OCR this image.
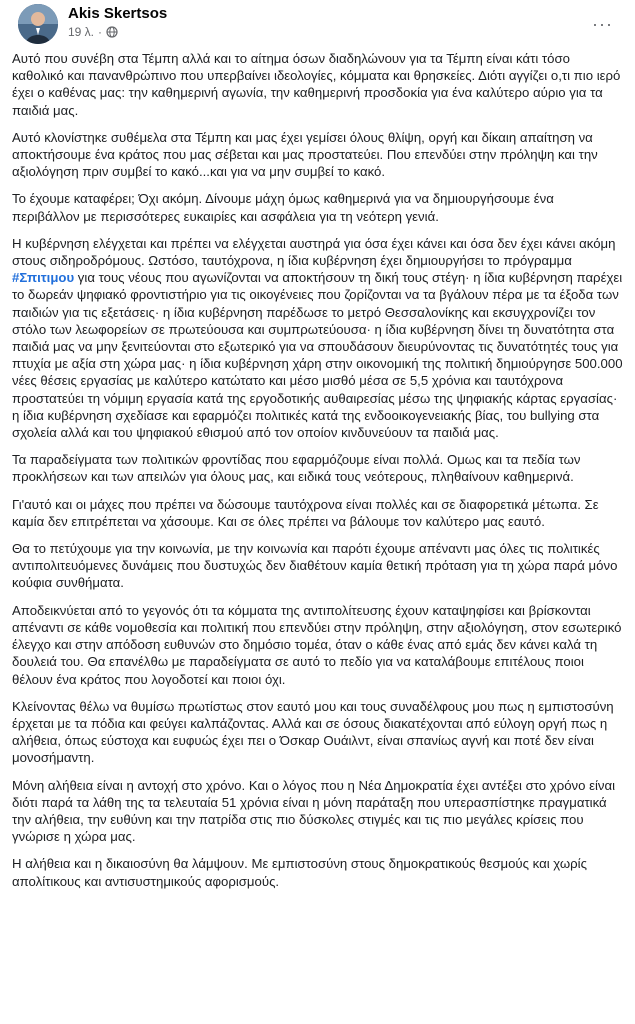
Akis Skertsos
19 λ. ·	···

Αυτό που συνέβη στα Τέμπη αλλά και το αίτημα όσων διαδηλώνουν για τα Τέμπη είναι κάτι τόσο καθολικό και πανανθρώπινο που υπερβαίνει ιδεολογίες, κόμματα και θρησκείες. Διότι αγγίζει ο,τι πιο ιερό έχει ο καθένας μας: την καθημερινή αγωνία, την καθημερινή προσδοκία για ένα καλύτερο αύριο για τα παιδιά μας.

Αυτό κλονίστηκε συθέμελα στα Τέμπη και μας έχει γεμίσει όλους θλίψη, οργή και δίκαιη απαίτηση να αποκτήσουμε ένα κράτος που μας σέβεται και μας προστατεύει. Που επενδύει στην πρόληψη και την αξιολόγηση πριν συμβεί το κακό...και για να μην συμβεί το κακό.

Το έχουμε καταφέρει; Όχι ακόμη. Δίνουμε μάχη όμως καθημερινά για να δημιουργήσουμε ένα περιβάλλον με περισσότερες ευκαιρίες και ασφάλεια για τη νεότερη γενιά.

Η κυβέρνηση ελέγχεται και πρέπει να ελέγχεται αυστηρά για όσα έχει κάνει και όσα δεν έχει κάνει ακόμη στους σιδηροδρόμους. Ωστόσο, ταυτόχρονα, η ίδια κυβέρνηση έχει δημιουργήσει το πρόγραμμα #Σπιτιμου για τους νέους που αγωνίζονται να αποκτήσουν τη δική τους στέγη· η ίδια κυβέρνηση παρέχει το δωρεάν ψηφιακό φροντιστήριο για τις οικογένειες που ζορίζονται να τα βγάλουν πέρα με τα έξοδα των παιδιών για τις εξετάσεις· η ίδια κυβέρνηση παρέδωσε το μετρό Θεσσαλονίκης και εκσυγχρονίζει τον στόλο των λεωφορείων σε πρωτεύουσα και συμπρωτεύουσα· η ίδια κυβέρνηση δίνει τη δυνατότητα στα παιδιά μας να μην ξενιτεύονται στο εξωτερικό για να σπουδάσουν διευρύνοντας τις δυνατότητές τους για πτυχία με αξία στη χώρα μας· η ίδια κυβέρνηση χάρη στην οικονομική της πολιτική δημιούργησε 500.000 νέες θέσεις εργασίας με καλύτερο κατώτατο και μέσο μισθό μέσα σε 5,5 χρόνια και ταυτόχρονα προστατεύει τη νόμιμη εργασία κατά της εργοδοτικής αυθαιρεσίας μέσω της ψηφιακής κάρτας εργασίας· η ίδια κυβέρνηση σχεδίασε και εφαρμόζει πολιτικές κατά της ενδοοικογενειακής βίας, του bullying στα σχολεία αλλά και του ψηφιακού εθισμού από τον οποίον κινδυνεύουν τα παιδιά μας.

Τα παραδείγματα των πολιτικών φροντίδας που εφαρμόζουμε είναι πολλά. Ομως και τα πεδία των προκλήσεων και των απειλών για όλους μας, και ειδικά τους νεότερους, πληθαίνουν καθημερινά.

Γι'αυτό και οι μάχες που πρέπει να δώσουμε ταυτόχρονα είναι πολλές και σε διαφορετικά μέτωπα. Σε καμία δεν επιτρέπεται να χάσουμε. Και σε όλες πρέπει να βάλουμε τον καλύτερο μας εαυτό.

Θα το πετύχουμε για την κοινωνία, με την κοινωνία και παρότι έχουμε απέναντι μας όλες τις πολιτικές αντιπολιτευόμενες δυνάμεις που δυστυχώς δεν διαθέτουν καμία θετική πρόταση για τη χώρα παρά μόνο κούφια συνθήματα.

Αποδεικνύεται από το γεγονός ότι τα κόμματα της αντιπολίτευσης έχουν καταψηφίσει και βρίσκονται απέναντι σε κάθε νομοθεσία και πολιτική που επενδύει στην πρόληψη, στην αξιολόγηση, στον εσωτερικό έλεγχο και στην απόδοση ευθυνών στο δημόσιο τομέα, όταν ο κάθε ένας από εμάς δεν κάνει καλά τη δουλειά του. Θα επανέλθω με παραδείγματα σε αυτό το πεδίο για να καταλάβουμε επιτέλους ποιοι θέλουν ένα κράτος που λογοδοτεί και ποιοι όχι.

Κλείνοντας θέλω να θυμίσω πρωτίστως στον εαυτό μου και τους συναδέλφους μου πως η εμπιστοσύνη έρχεται με τα πόδια και φεύγει καλπάζοντας. Αλλά και σε όσους διακατέχονται από εύλογη οργή πως η αλήθεια, όπως εύστοχα και ευφυώς έχει πει ο Όσκαρ Ουάιλντ, είναι σπανίως αγνή και ποτέ δεν είναι μονοσήμαντη.

Μόνη αλήθεια είναι η αντοχή στο χρόνο. Και ο λόγος που η Νέα Δημοκρατία έχει αντέξει στο χρόνο είναι διότι παρά τα λάθη της τα τελευταία 51 χρόνια είναι η μόνη παράταξη που υπερασπίστηκε πραγματικά την αλήθεια, την ευθύνη και την πατρίδα στις πιο δύσκολες στιγμές και τις πιο μεγάλες κρίσεις που γνώρισε η χώρα μας.

Η αλήθεια και η δικαιοσύνη θα λάμψουν. Με εμπιστοσύνη στους δημοκρατικούς θεσμούς και χωρίς απολίτικους και αντισυστημικούς αφορισμούς.
